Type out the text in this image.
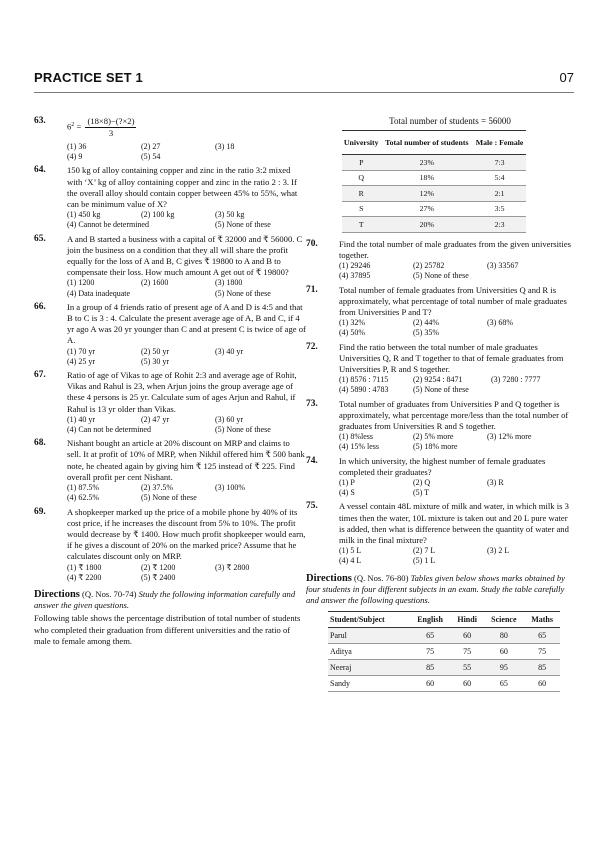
PRACTICE SET 1	07
63.
$6^2 = \frac{(18\times 8)-(?\times 2)}{3}$
(1) 36	(2) 27	(3) 18
(4) 9	(5) 54
64.	150 kg of alloy containing copper and zinc in the ratio 3:2 mixed with ‘X’ kg of alloy containing copper and zinc in the ratio 2 : 3. If the overall alloy should contain copper between 45% to 55%, what can be minimum value of X?
(1) 450 kg	(2) 100 kg	(3) 50 kg
(4) Cannot be determined	(5) None of these
65.	A and B started a business with a capital of ₹ 32000 and ₹ 56000. C join the business on a condition that they all will share the profit equally for the loss of A and B, C gives ₹ 19800 to A and B to compensate their loss. How much amount A get out of ₹ 19800?
(1) 1200	(2) 1600	(3) 1800
(4) Data inadequate	(5) None of these
66.	In a group of 4 friends ratio of present age of A and D is 4:5 and that B to C is 3 : 4. Calculate the present average age of A, B and C, if 4 yr ago A was 20 yr younger than C and at present C is twice of age of A.
(1) 70 yr	(2) 50 yr	(3) 40 yr
(4) 25 yr	(5) 30 yr
67.	Ratio of age of Vikas to age of Rohit 2:3 and average age of Rohit, Vikas and Rahul is 23, when Arjun joins the group average age of these 4 persons is 25 yr. Calculate sum of ages Arjun and Rahul, if Rahul is 13 yr older than Vikas.
(1) 40 yr	(2) 47 yr	(3) 60 yr
(4) Can not be determined	(5) None of these
68.	Nishant bought an article at 20% discount on MRP and claims to sell. It at profit of 10% of MRP, when Nikhil offered him ₹ 500 bank note, he cheated again by giving him ₹ 125 instead of ₹ 225. Find overall profit per cent Nishant.
(1) 87.5%	(2) 37.5%	(3) 100%
(4) 62.5%	(5) None of these
69.	A shopkeeper marked up the price of a mobile phone by 40% of its cost price, if he increases the discount from 5% to 10%. The profit would decrease by ₹ 1400. How much profit shopkeeper would earn, if he gives a discount of 20% on the marked price? Assume that he calculates discount only on MRP.
(1) ₹ 1800	(2) ₹ 1200	(3) ₹ 2800
(4) ₹ 2200	(5) ₹ 2400
Directions (Q. Nos. 70-74) Study the following information carefully and answer the given questions.
Following table shows the percentage distribution of total number of students who completed their graduation from different universities and the ratio of male to female among them.
Total number of students = 56000
University	Total number of students	Male : Female
P	23%	7:3
Q	18%	5:4
R	12%	2:1
S	27%	3:5
T	20%	2:3
70.	Find the total number of male graduates from the given universities together.
(1) 29246	(2) 25782	(3) 33567
(4) 37895	(5) None of these
71.	Total number of female graduates from Universities Q and R is approximately, what percentage of total number of male graduates from Universities P and T?
(1) 32%	(2) 44%	(3) 68%
(4) 50%	(5) 35%
72.	Find the ratio between the total number of male graduates Universities Q, R and T together to that of female graduates from Universities P, R and S together.
(1) 8576 : 7115	(2) 9254 : 8471	(3) 7280 : 7777
(4) 5890 : 4783	(5) None of these
73.	Total number of graduates from Universities P and Q together is approximately, what percentage more/less than the total number of graduates from Universities R and S together.
(1) 8%less	(2) 5% more	(3) 12% more
(4) 15% less	(5) 18% more
74.	In which university, the highest number of female graduates completed their graduates?
(1) P	(2) Q	(3) R
(4) S	(5) T
75.	A vessel contain 48L mixture of milk and water, in which milk is 3 times then the water, 10L mixture is taken out and 20 L pure water is added, then what is difference between the quantity of water and milk in the final mixture?
(1) 5 L	(2) 7 L	(3) 2 L
(4) 4 L	(5) 1 L
Directions (Q. Nos. 76-80) Tables given below shows marks obtained by four students in four different subjects in an exam. Study the table carefully and answer the following questions.
Student/Subject	English	Hindi	Science	Maths
Parul	65	60	80	65
Aditya	75	75	60	75
Neeraj	85	55	95	85
Sandy	60	60	65	60
